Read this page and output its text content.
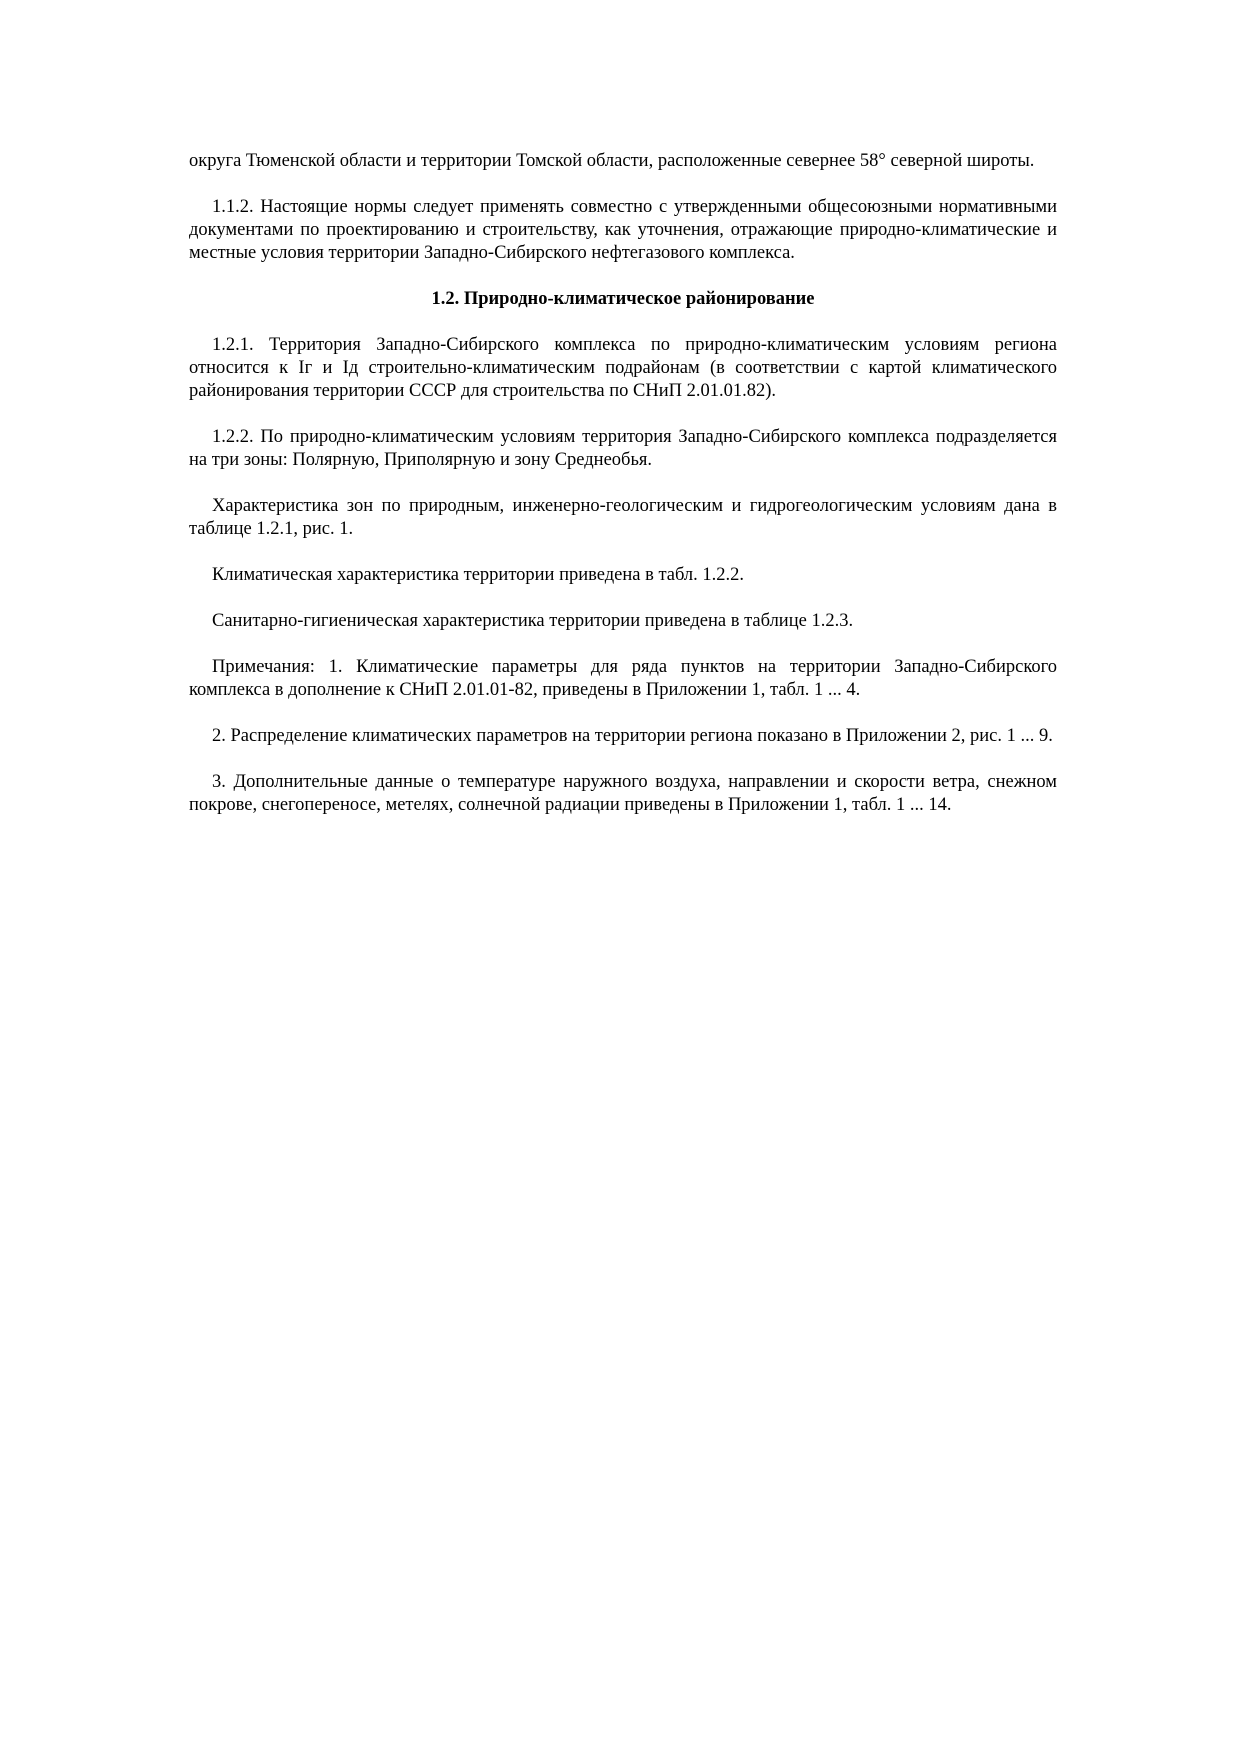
округа Тюменской области и территории Томской области, расположенные севернее 58° северной широты.

1.1.2. Настоящие нормы следует применять совместно с утвержденными общесоюзными нормативными документами по проектированию и строительству, как уточнения, отражающие природно-климатические и местные условия территории Западно-Сибирского нефтегазового комплекса.

1.2. Природно-климатическое районирование

1.2.1. Территория Западно-Сибирского комплекса по природно-климатическим условиям региона относится к Iг и Iд строительно-климатическим подрайонам (в соответствии с картой климатического районирования территории СССР для строительства по СНиП 2.01.01.82).

1.2.2. По природно-климатическим условиям территория Западно-Сибирского комплекса подразделяется на три зоны: Полярную, Приполярную и зону Среднеобья.

Характеристика зон по природным, инженерно-геологическим и гидрогеологическим условиям дана в таблице 1.2.1, рис. 1.

Климатическая характеристика территории приведена в табл. 1.2.2.

Санитарно-гигиеническая характеристика территории приведена в таблице 1.2.3.

Примечания: 1. Климатические параметры для ряда пунктов на территории Западно-Сибирского комплекса в дополнение к СНиП 2.01.01-82, приведены в Приложении 1, табл. 1 ... 4.

2. Распределение климатических параметров на территории региона показано в Приложении 2, рис. 1 ... 9.

3. Дополнительные данные о температуре наружного воздуха, направлении и скорости ветра, снежном покрове, снегопереносе, метелях, солнечной радиации приведены в Приложении 1, табл. 1 ... 14.
